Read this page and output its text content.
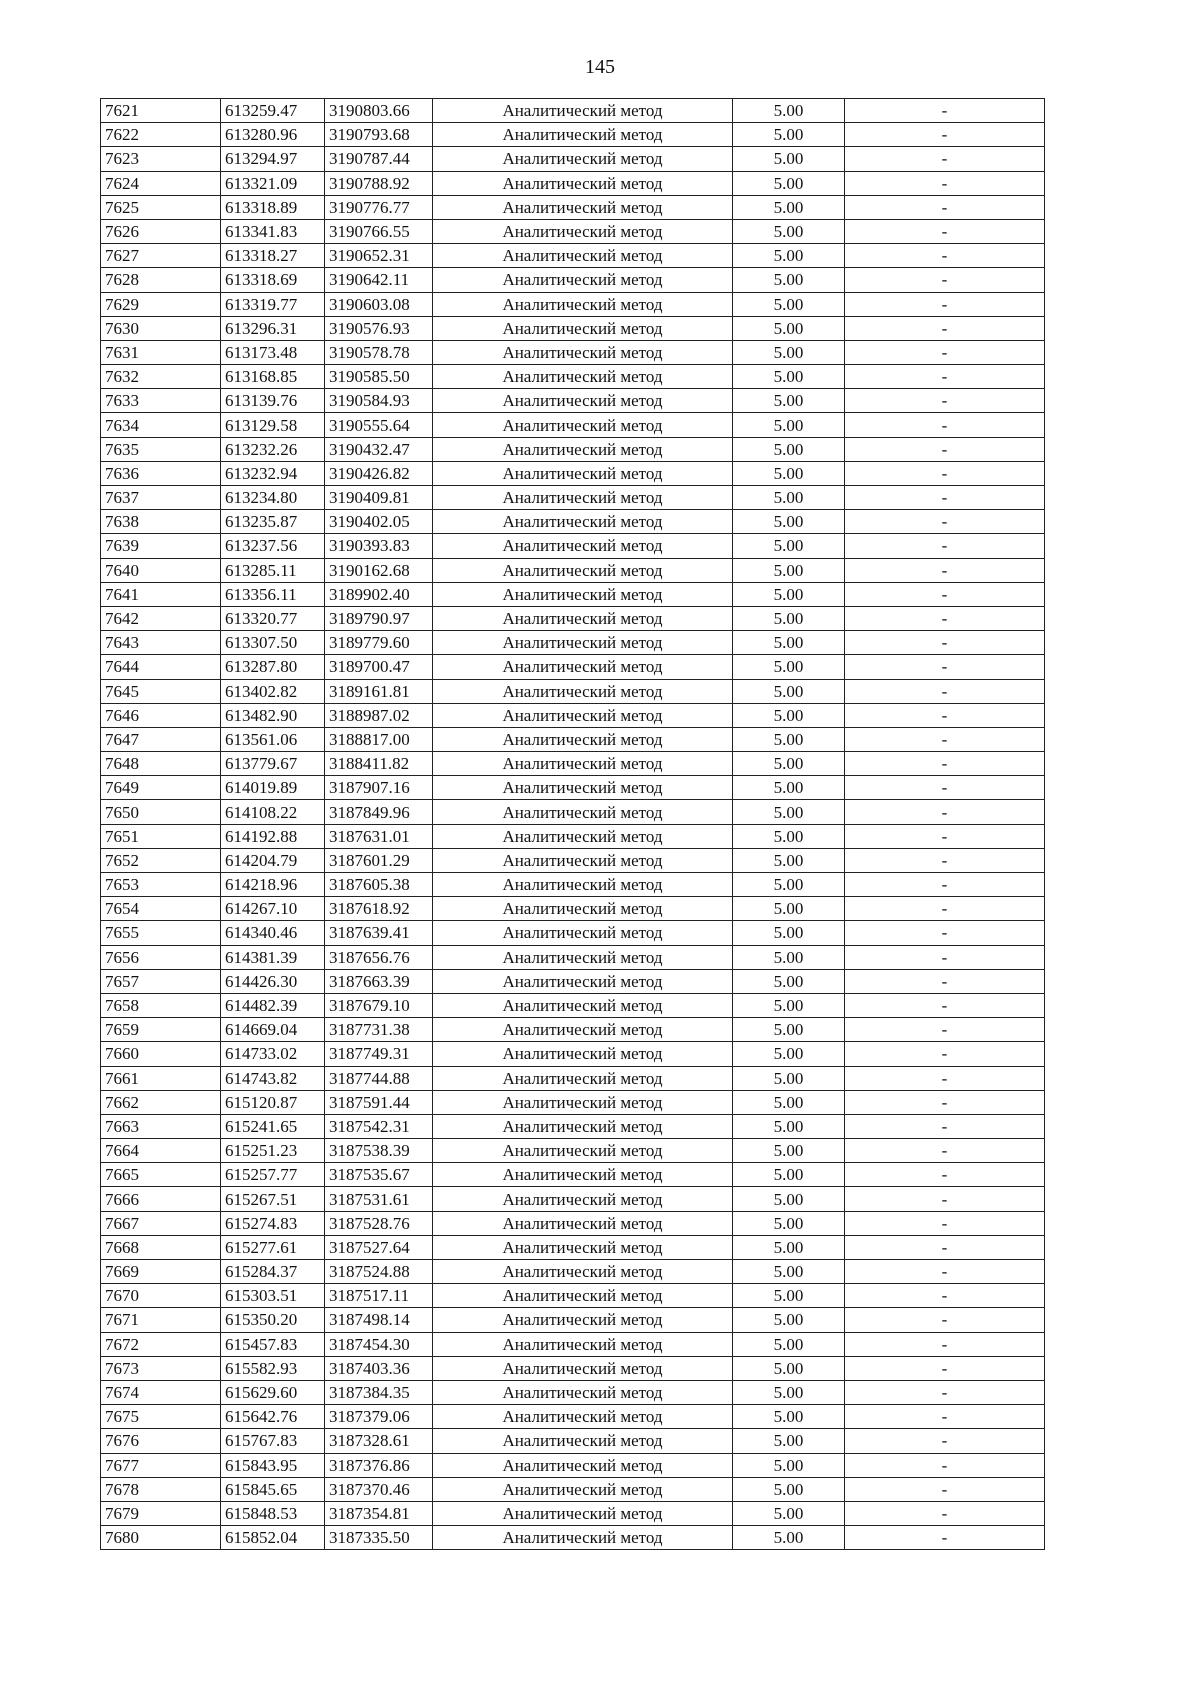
145
7621	613259.47	3190803.66	Аналитический метод	5.00	-
7622	613280.96	3190793.68	Аналитический метод	5.00	-
7623	613294.97	3190787.44	Аналитический метод	5.00	-
7624	613321.09	3190788.92	Аналитический метод	5.00	-
7625	613318.89	3190776.77	Аналитический метод	5.00	-
7626	613341.83	3190766.55	Аналитический метод	5.00	-
7627	613318.27	3190652.31	Аналитический метод	5.00	-
7628	613318.69	3190642.11	Аналитический метод	5.00	-
7629	613319.77	3190603.08	Аналитический метод	5.00	-
7630	613296.31	3190576.93	Аналитический метод	5.00	-
7631	613173.48	3190578.78	Аналитический метод	5.00	-
7632	613168.85	3190585.50	Аналитический метод	5.00	-
7633	613139.76	3190584.93	Аналитический метод	5.00	-
7634	613129.58	3190555.64	Аналитический метод	5.00	-
7635	613232.26	3190432.47	Аналитический метод	5.00	-
7636	613232.94	3190426.82	Аналитический метод	5.00	-
7637	613234.80	3190409.81	Аналитический метод	5.00	-
7638	613235.87	3190402.05	Аналитический метод	5.00	-
7639	613237.56	3190393.83	Аналитический метод	5.00	-
7640	613285.11	3190162.68	Аналитический метод	5.00	-
7641	613356.11	3189902.40	Аналитический метод	5.00	-
7642	613320.77	3189790.97	Аналитический метод	5.00	-
7643	613307.50	3189779.60	Аналитический метод	5.00	-
7644	613287.80	3189700.47	Аналитический метод	5.00	-
7645	613402.82	3189161.81	Аналитический метод	5.00	-
7646	613482.90	3188987.02	Аналитический метод	5.00	-
7647	613561.06	3188817.00	Аналитический метод	5.00	-
7648	613779.67	3188411.82	Аналитический метод	5.00	-
7649	614019.89	3187907.16	Аналитический метод	5.00	-
7650	614108.22	3187849.96	Аналитический метод	5.00	-
7651	614192.88	3187631.01	Аналитический метод	5.00	-
7652	614204.79	3187601.29	Аналитический метод	5.00	-
7653	614218.96	3187605.38	Аналитический метод	5.00	-
7654	614267.10	3187618.92	Аналитический метод	5.00	-
7655	614340.46	3187639.41	Аналитический метод	5.00	-
7656	614381.39	3187656.76	Аналитический метод	5.00	-
7657	614426.30	3187663.39	Аналитический метод	5.00	-
7658	614482.39	3187679.10	Аналитический метод	5.00	-
7659	614669.04	3187731.38	Аналитический метод	5.00	-
7660	614733.02	3187749.31	Аналитический метод	5.00	-
7661	614743.82	3187744.88	Аналитический метод	5.00	-
7662	615120.87	3187591.44	Аналитический метод	5.00	-
7663	615241.65	3187542.31	Аналитический метод	5.00	-
7664	615251.23	3187538.39	Аналитический метод	5.00	-
7665	615257.77	3187535.67	Аналитический метод	5.00	-
7666	615267.51	3187531.61	Аналитический метод	5.00	-
7667	615274.83	3187528.76	Аналитический метод	5.00	-
7668	615277.61	3187527.64	Аналитический метод	5.00	-
7669	615284.37	3187524.88	Аналитический метод	5.00	-
7670	615303.51	3187517.11	Аналитический метод	5.00	-
7671	615350.20	3187498.14	Аналитический метод	5.00	-
7672	615457.83	3187454.30	Аналитический метод	5.00	-
7673	615582.93	3187403.36	Аналитический метод	5.00	-
7674	615629.60	3187384.35	Аналитический метод	5.00	-
7675	615642.76	3187379.06	Аналитический метод	5.00	-
7676	615767.83	3187328.61	Аналитический метод	5.00	-
7677	615843.95	3187376.86	Аналитический метод	5.00	-
7678	615845.65	3187370.46	Аналитический метод	5.00	-
7679	615848.53	3187354.81	Аналитический метод	5.00	-
7680	615852.04	3187335.50	Аналитический метод	5.00	-
